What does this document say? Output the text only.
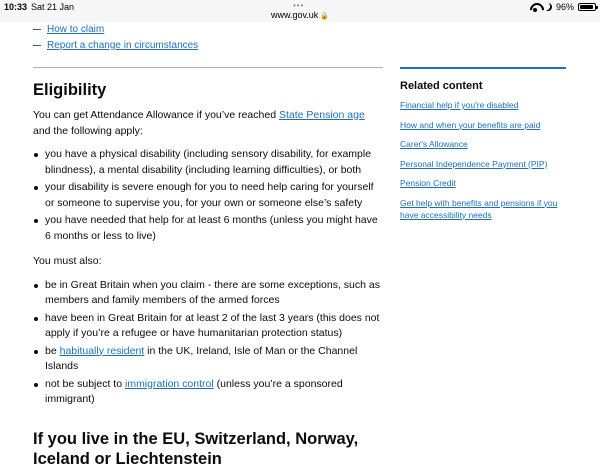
10:33 Sat 21 Jan	•••
www.gov.uk 🔒
96%
How to claim
Report a change in circumstances
Eligibility

You can get Attendance Allowance if you’ve reached State Pension age and the following apply:

you have a physical disability (including sensory disability, for example blindness), a mental disability (including learning difficulties), or both
your disability is severe enough for you to need help caring for yourself or someone to supervise you, for your own or someone else’s safety
you have needed that help for at least 6 months (unless you might have 6 months or less to live)

You must also:

be in Great Britain when you claim - there are some exceptions, such as members and family members of the armed forces
have been in Great Britain for at least 2 of the last 3 years (this does not apply if you’re a refugee or have humanitarian protection status)
be habitually resident in the UK, Ireland, Isle of Man or the Channel Islands
not be subject to immigration control (unless you’re a sponsored immigrant)
If you live in the EU, Switzerland, Norway, Iceland or Liechtenstein
Related content
Financial help if you're disabled
How and when your benefits are paid
Carer's Allowance
Personal Independence Payment (PIP)
Pension Credit
Get help with benefits and pensions if you have accessibility needs
